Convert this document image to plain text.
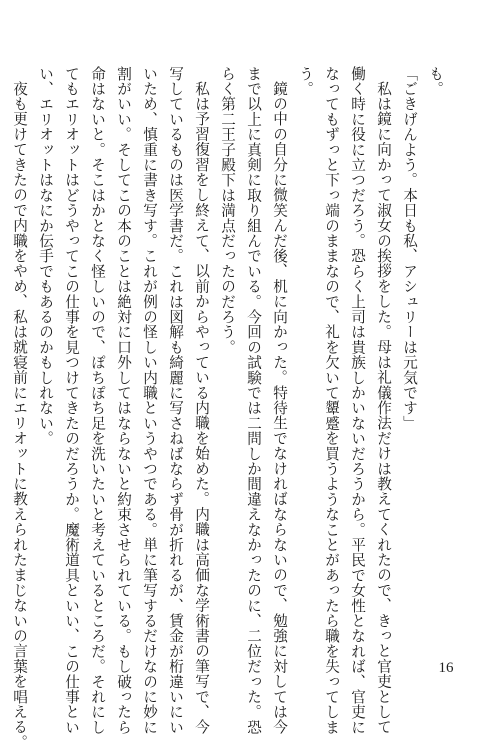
も。
「ごきげんよう。本日も私、アシュリーは元気です」
私は鏡に向かって淑女の挨拶をした。母は礼儀作法だけは教えてくれたので、きっと官吏として
働く時に役に立つだろう。恐らく上司は貴族しかいないだろうから。平民で女性となれば、官吏に
なってもずっと下っ端のままなので、礼を欠いて顰蹙を買うようなことがあったら職を失ってしま
う。
鏡の中の自分に微笑んだ後、机に向かった。特待生でなければならないので、勉強に対しては今
まで以上に真剣に取り組んでいる。今回の試験では二問しか間違えなかったのに、二位だった。恐
らく第二王子殿下は満点だったのだろう。
私は予習復習をし終えて、以前からやっている内職を始めた。内職は高価な学術書の筆写で、今
写しているものは医学書だ。これは図解も綺麗に写さねばならず骨が折れるが、賃金が桁違いにい
いため、慎重に書き写す。これが例の怪しい内職というやつである。単に筆写するだけなのに妙に
割がいい。そしてこの本のことは絶対に口外してはならないと約束させられている。もし破ったら
命はないと。そこはかとなく怪しいので、ぽちぽち足を洗いたいと考えているところだ。それにし
てもエリオットはどうやってこの仕事を見つけてきたのだろうか。魔術道具といい、この仕事とい
い、エリオットはなにか伝手でもあるのかもしれない。
夜も更けてきたので内職をやめ、私は就寝前にエリオットに教えられたまじないの言葉を唱える。	16
